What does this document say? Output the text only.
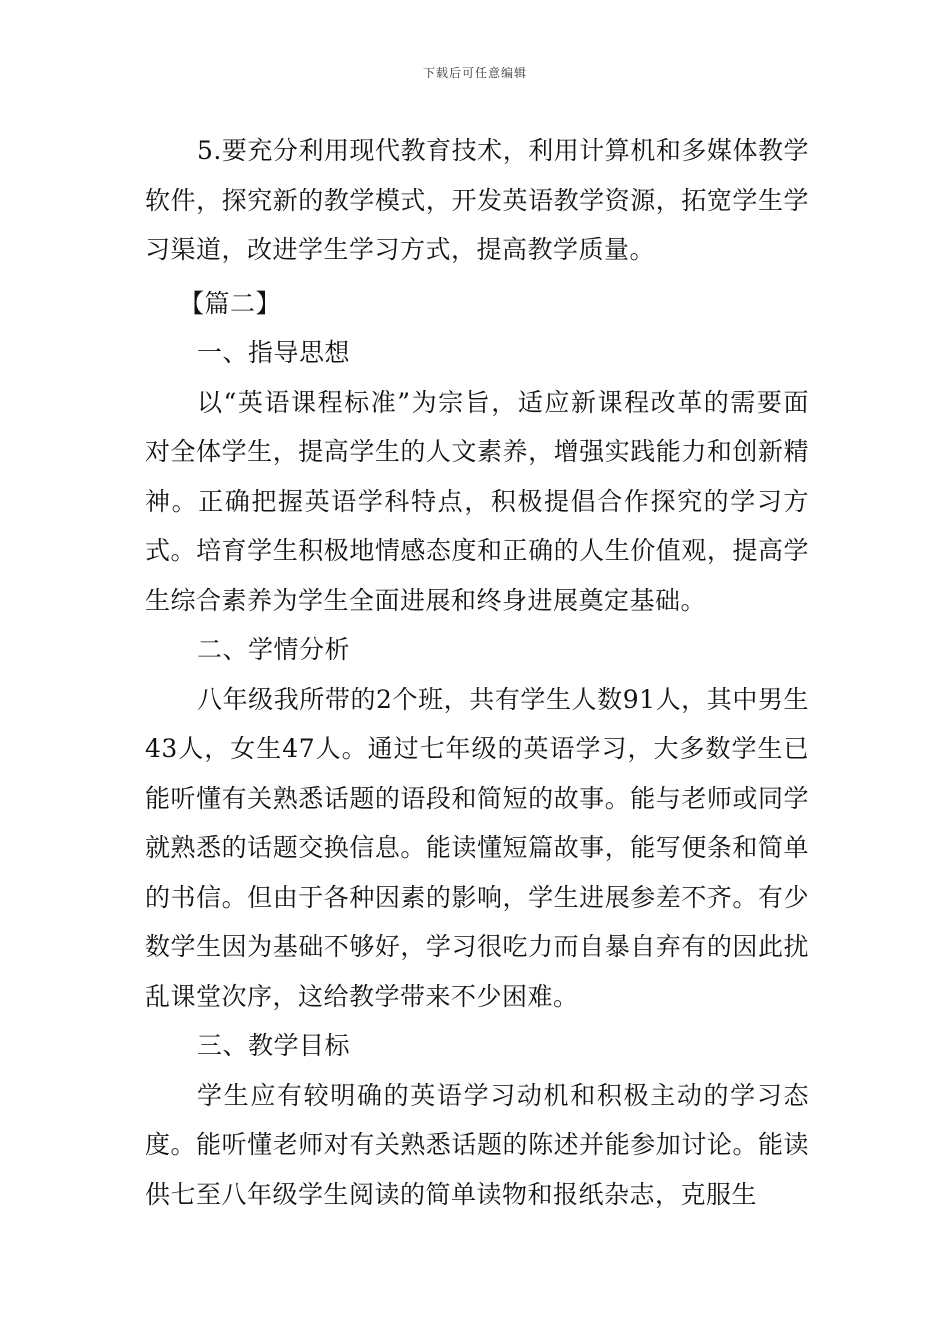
下载后可任意编辑

5.要充分利用现代教育技术，利用计算机和多媒体教学软件，探究新的教学模式，开发英语教学资源，拓宽学生学习渠道，改进学生学习方式，提高教学质量。

【篇二】

一、指导思想

以“英语课程标准”为宗旨，适应新课程改革的需要面对全体学生，提高学生的人文素养，增强实践能力和创新精神。正确把握英语学科特点，积极提倡合作探究的学习方式。培育学生积极地情感态度和正确的人生价值观，提高学生综合素养为学生全面进展和终身进展奠定基础。

二、学情分析

八年级我所带的2个班，共有学生人数91人，其中男生43人，女生47人。通过七年级的英语学习，大多数学生已能听懂有关熟悉话题的语段和简短的故事。能与老师或同学就熟悉的话题交换信息。能读懂短篇故事，能写便条和简单的书信。但由于各种因素的影响，学生进展参差不齐。有少数学生因为基础不够好，学习很吃力而自暴自弃有的因此扰乱课堂次序，这给教学带来不少困难。

三、教学目标

学生应有较明确的英语学习动机和积极主动的学习态度。能听懂老师对有关熟悉话题的陈述并能参加讨论。能读供七至八年级学生阅读的简单读物和报纸杂志，克服生
